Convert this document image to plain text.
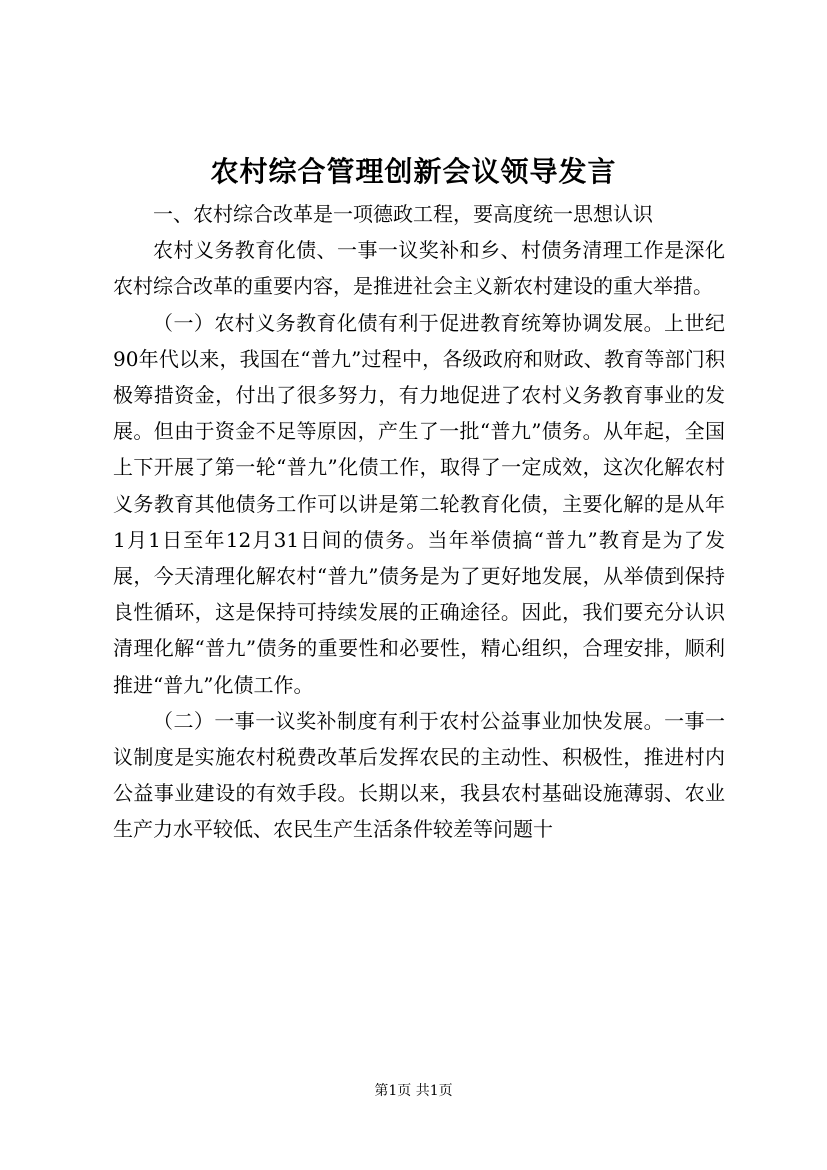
农村综合管理创新会议领导发言

一、农村综合改革是一项德政工程，要高度统一思想认识

农村义务教育化债、一事一议奖补和乡、村债务清理工作是深化农村综合改革的重要内容，是推进社会主义新农村建设的重大举措。

（一）农村义务教育化债有利于促进教育统筹协调发展。上世纪90年代以来，我国在“普九”过程中，各级政府和财政、教育等部门积极筹措资金，付出了很多努力，有力地促进了农村义务教育事业的发展。但由于资金不足等原因，产生了一批“普九”债务。从年起，全国上下开展了第一轮“普九”化债工作，取得了一定成效，这次化解农村义务教育其他债务工作可以讲是第二轮教育化债，主要化解的是从年1月1日至年12月31日间的债务。当年举债搞“普九”教育是为了发展，今天清理化解农村“普九”债务是为了更好地发展，从举债到保持良性循环，这是保持可持续发展的正确途径。因此，我们要充分认识清理化解“普九”债务的重要性和必要性，精心组织，合理安排，顺利推进“普九”化债工作。

（二）一事一议奖补制度有利于农村公益事业加快发展。一事一议制度是实施农村税费改革后发挥农民的主动性、积极性，推进村内公益事业建设的有效手段。长期以来，我县农村基础设施薄弱、农业生产力水平较低、农民生产生活条件较差等问题十

第1页 共1页
